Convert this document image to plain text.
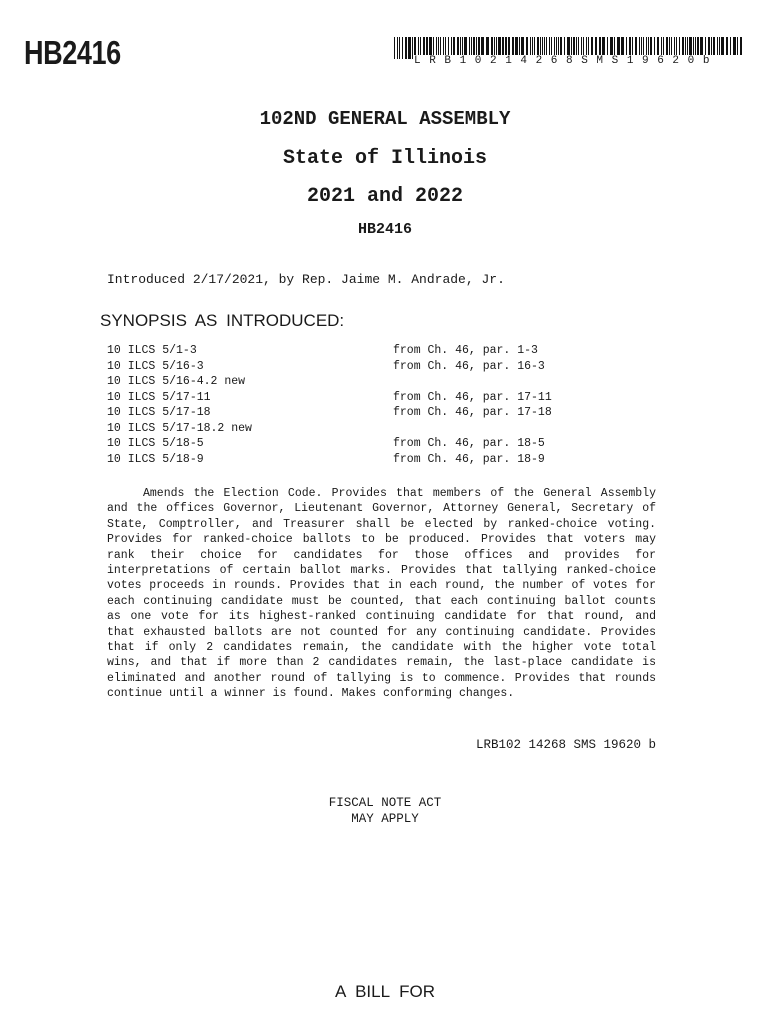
HB2416	LRB10214268SMS19620b
102ND GENERAL ASSEMBLY
State of Illinois
2021 and 2022
HB2416
Introduced 2/17/2021, by Rep. Jaime M. Andrade, Jr.
SYNOPSIS AS INTRODUCED:
10 ILCS 5/1-3	from Ch. 46, par. 1-3
10 ILCS 5/16-3	from Ch. 46, par. 16-3
10 ILCS 5/16-4.2 new
10 ILCS 5/17-11	from Ch. 46, par. 17-11
10 ILCS 5/17-18	from Ch. 46, par. 17-18
10 ILCS 5/17-18.2 new
10 ILCS 5/18-5	from Ch. 46, par. 18-5
10 ILCS 5/18-9	from Ch. 46, par. 18-9

Amends the Election Code. Provides that members of the General Assembly and the offices Governor, Lieutenant Governor, Attorney General, Secretary of State, Comptroller, and Treasurer shall be elected by ranked-choice voting. Provides for ranked-choice ballots to be produced. Provides that voters may rank their choice for candidates for those offices and provides for interpretations of certain ballot marks. Provides that tallying ranked-choice votes proceeds in rounds. Provides that in each round, the number of votes for each continuing candidate must be counted, that each continuing ballot counts as one vote for its highest-ranked continuing candidate for that round, and that exhausted ballots are not counted for any continuing candidate. Provides that if only 2 candidates remain, the candidate with the higher vote total wins, and that if more than 2 candidates remain, the last-place candidate is eliminated and another round of tallying is to commence. Provides that rounds continue until a winner is found. Makes conforming changes.

LRB102 14268 SMS 19620 b
FISCAL NOTE ACT
MAY APPLY
A BILL FOR
